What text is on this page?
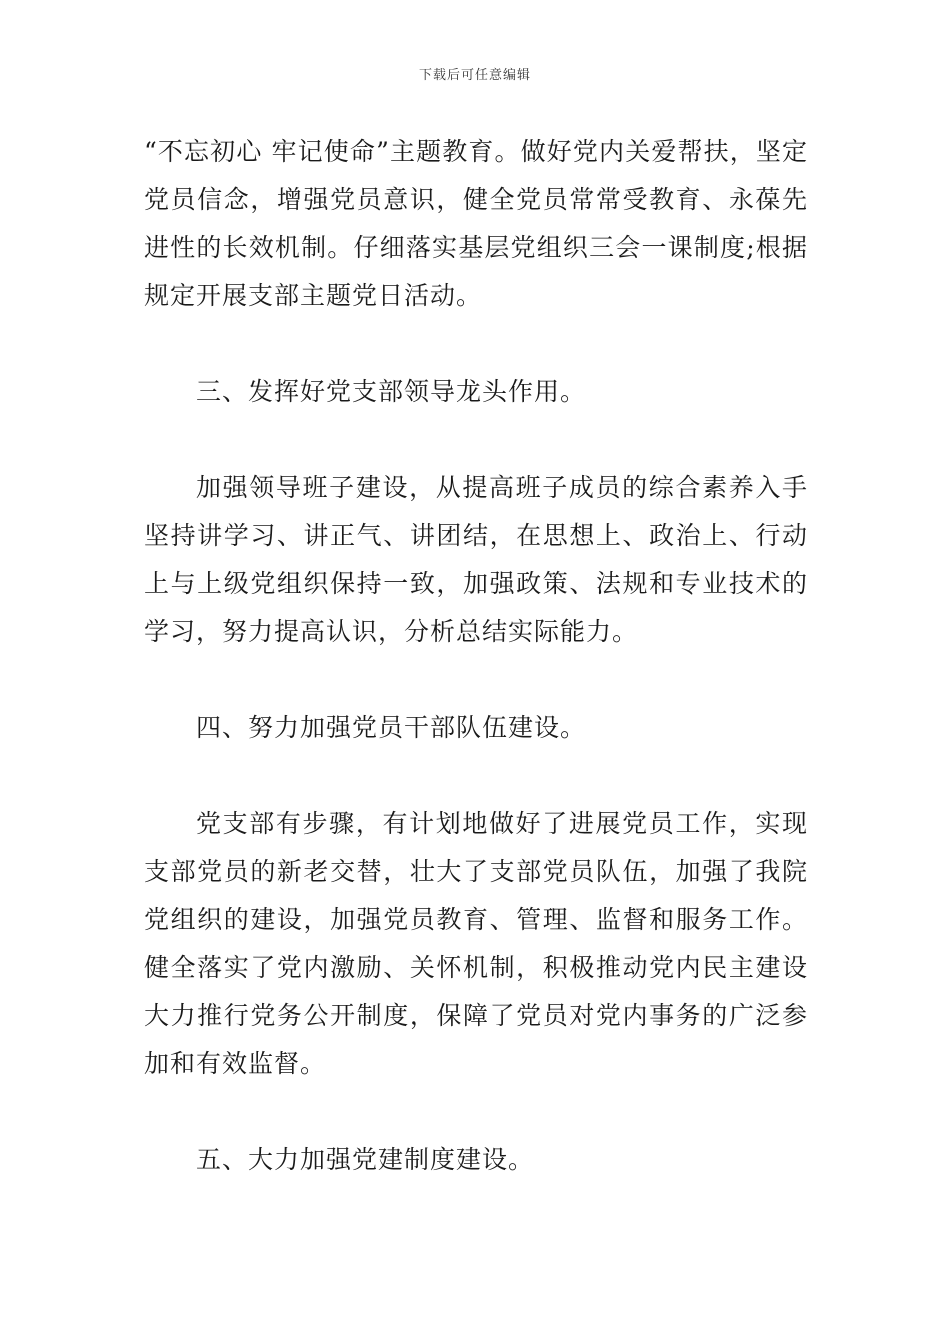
下载后可任意编辑

“不忘初心 牢记使命”主题教育。做好党内关爱帮扶，坚定党员信念，增强党员意识，健全党员常常受教育、永葆先进性的长效机制。仔细落实基层党组织三会一课制度;根据规定开展支部主题党日活动。

三、发挥好党支部领导龙头作用。

加强领导班子建设，从提高班子成员的综合素养入手坚持讲学习、讲正气、讲团结，在思想上、政治上、行动上与上级党组织保持一致，加强政策、法规和专业技术的学习，努力提高认识，分析总结实际能力。

四、努力加强党员干部队伍建设。

党支部有步骤，有计划地做好了进展党员工作，实现支部党员的新老交替，壮大了支部党员队伍，加强了我院党组织的建设，加强党员教育、管理、监督和服务工作。健全落实了党内激励、关怀机制，积极推动党内民主建设大力推行党务公开制度，保障了党员对党内事务的广泛参加和有效监督。

五、大力加强党建制度建设。
